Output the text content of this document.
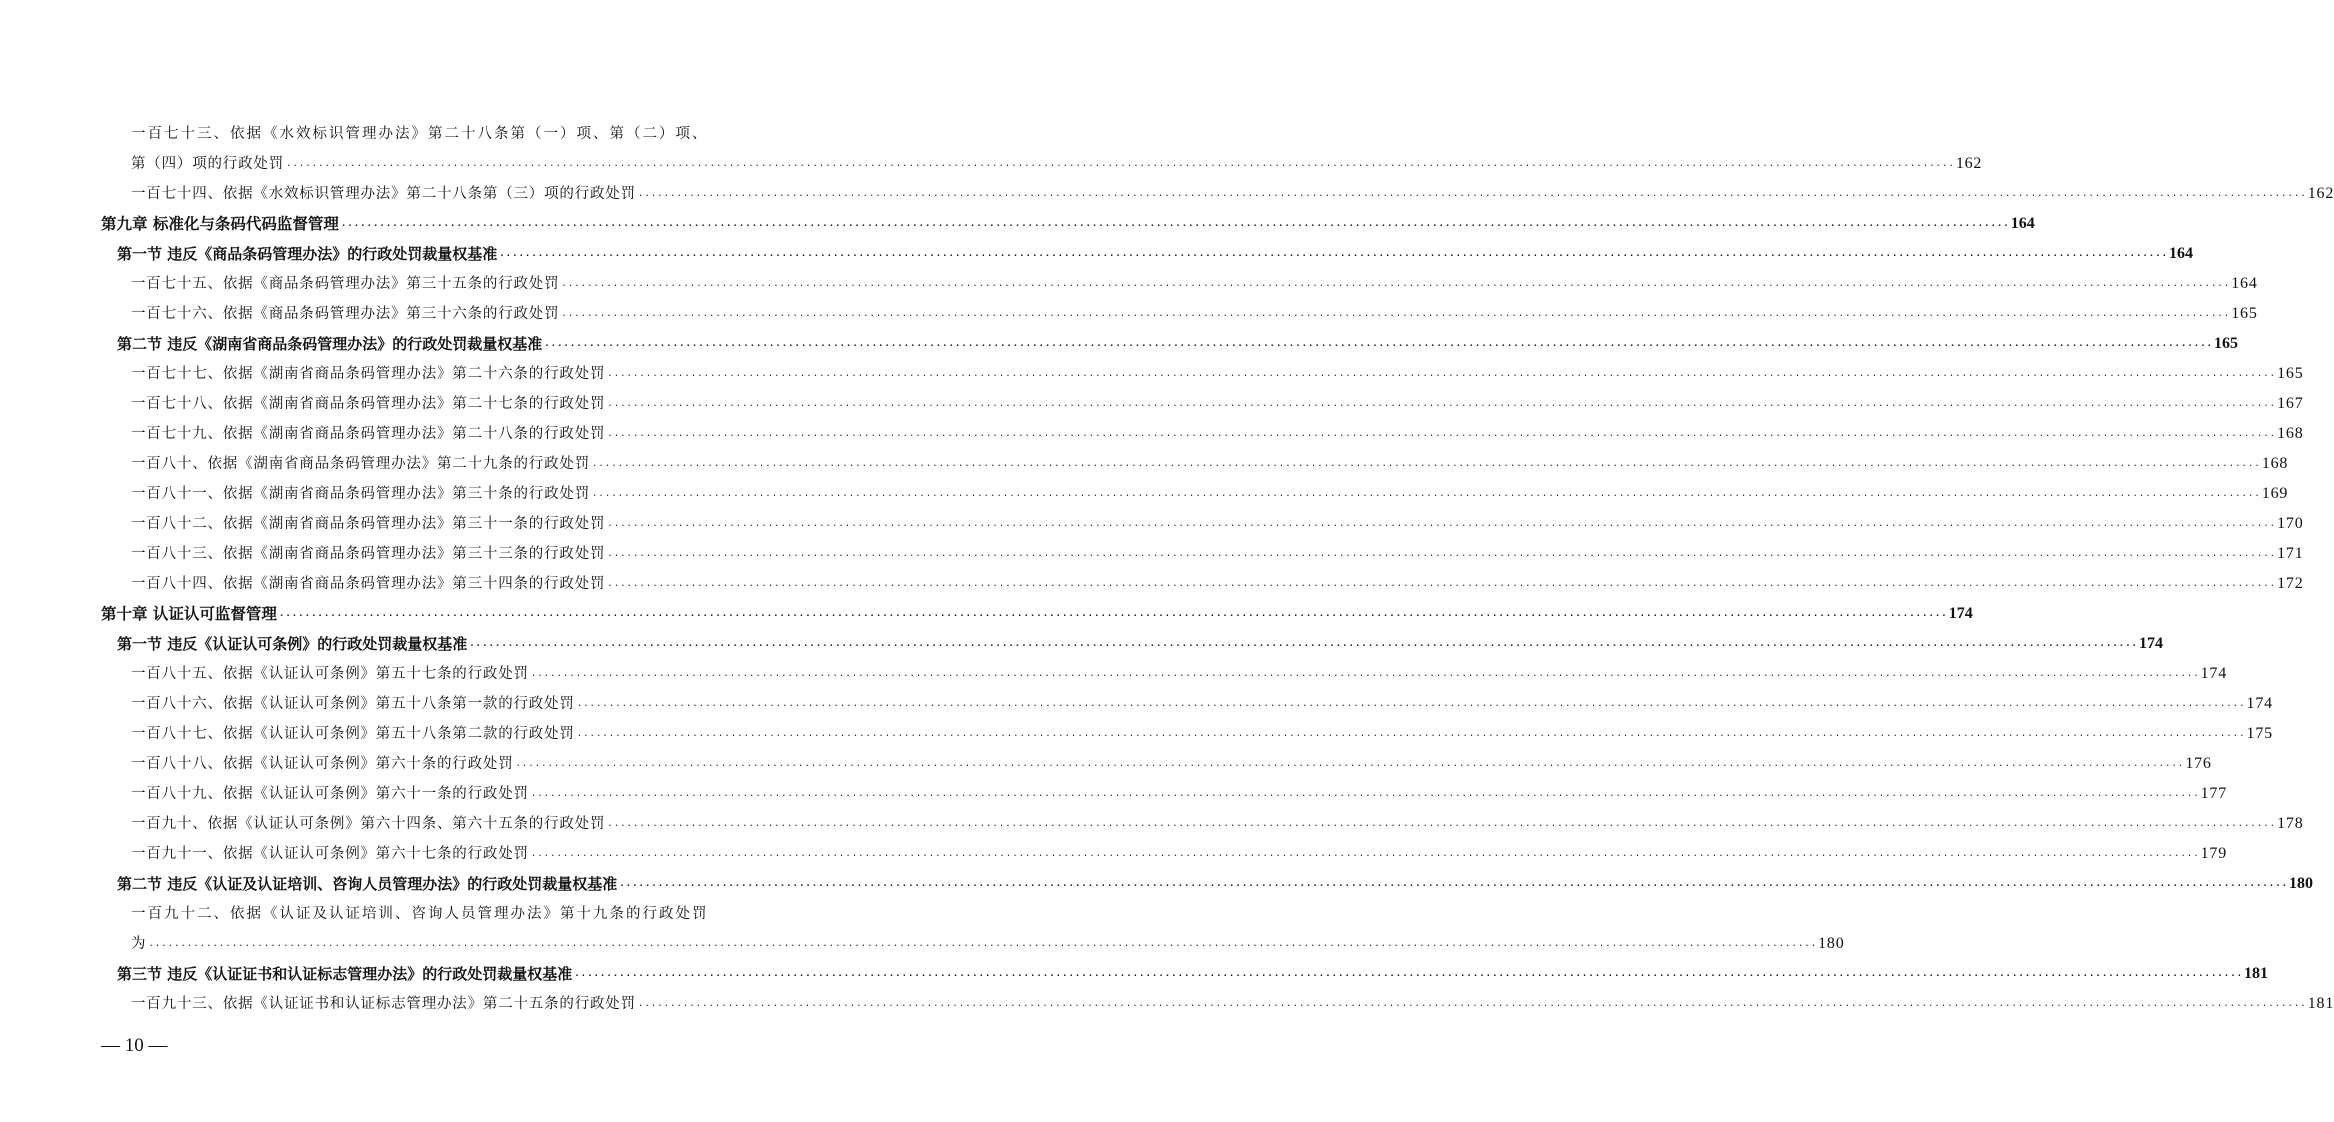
一百七十三、依据《水效标识管理办法》第二十八条第（一）项、第（二）项、
第（四）项的行政处罚 .................................................................................................................................................................................................................................................................... 162
一百七十四、依据《水效标识管理办法》第二十八条第（三）项的行政处罚 .................................................................................................................................................................................................................................................................... 162
第九章 标准化与条码代码监督管理 .................................................................................................................................................................................................................................................................... 164
第一节 违反《商品条码管理办法》的行政处罚裁量权基准 .................................................................................................................................................................................................................................................................... 164
一百七十五、依据《商品条码管理办法》第三十五条的行政处罚 .................................................................................................................................................................................................................................................................... 164
一百七十六、依据《商品条码管理办法》第三十六条的行政处罚 .................................................................................................................................................................................................................................................................... 165
第二节 违反《湖南省商品条码管理办法》的行政处罚裁量权基准 .................................................................................................................................................................................................................................................................... 165
一百七十七、依据《湖南省商品条码管理办法》第二十六条的行政处罚 .................................................................................................................................................................................................................................................................... 165
一百七十八、依据《湖南省商品条码管理办法》第二十七条的行政处罚 .................................................................................................................................................................................................................................................................... 167
一百七十九、依据《湖南省商品条码管理办法》第二十八条的行政处罚 .................................................................................................................................................................................................................................................................... 168
一百八十、依据《湖南省商品条码管理办法》第二十九条的行政处罚 .................................................................................................................................................................................................................................................................... 168
一百八十一、依据《湖南省商品条码管理办法》第三十条的行政处罚 .................................................................................................................................................................................................................................................................... 169
一百八十二、依据《湖南省商品条码管理办法》第三十一条的行政处罚 .................................................................................................................................................................................................................................................................... 170
一百八十三、依据《湖南省商品条码管理办法》第三十三条的行政处罚 .................................................................................................................................................................................................................................................................... 171
一百八十四、依据《湖南省商品条码管理办法》第三十四条的行政处罚 .................................................................................................................................................................................................................................................................... 172
第十章 认证认可监督管理 .................................................................................................................................................................................................................................................................... 174
第一节 违反《认证认可条例》的行政处罚裁量权基准 .................................................................................................................................................................................................................................................................... 174
一百八十五、依据《认证认可条例》第五十七条的行政处罚 .................................................................................................................................................................................................................................................................... 174
一百八十六、依据《认证认可条例》第五十八条第一款的行政处罚 .................................................................................................................................................................................................................................................................... 174
一百八十七、依据《认证认可条例》第五十八条第二款的行政处罚 .................................................................................................................................................................................................................................................................... 175
一百八十八、依据《认证认可条例》第六十条的行政处罚 .................................................................................................................................................................................................................................................................... 176
一百八十九、依据《认证认可条例》第六十一条的行政处罚 .................................................................................................................................................................................................................................................................... 177
一百九十、依据《认证认可条例》第六十四条、第六十五条的行政处罚 .................................................................................................................................................................................................................................................................... 178
一百九十一、依据《认证认可条例》第六十七条的行政处罚 .................................................................................................................................................................................................................................................................... 179
第二节 违反《认证及认证培训、咨询人员管理办法》的行政处罚裁量权基准 .................................................................................................................................................................................................................................................................... 180
一百九十二、依据《认证及认证培训、咨询人员管理办法》第十九条的行政处罚
为 .................................................................................................................................................................................................................................................................... 180
第三节 违反《认证证书和认证标志管理办法》的行政处罚裁量权基准 .................................................................................................................................................................................................................................................................... 181
一百九十三、依据《认证证书和认证标志管理办法》第二十五条的行政处罚 .................................................................................................................................................................................................................................................................... 181
— 10 —
